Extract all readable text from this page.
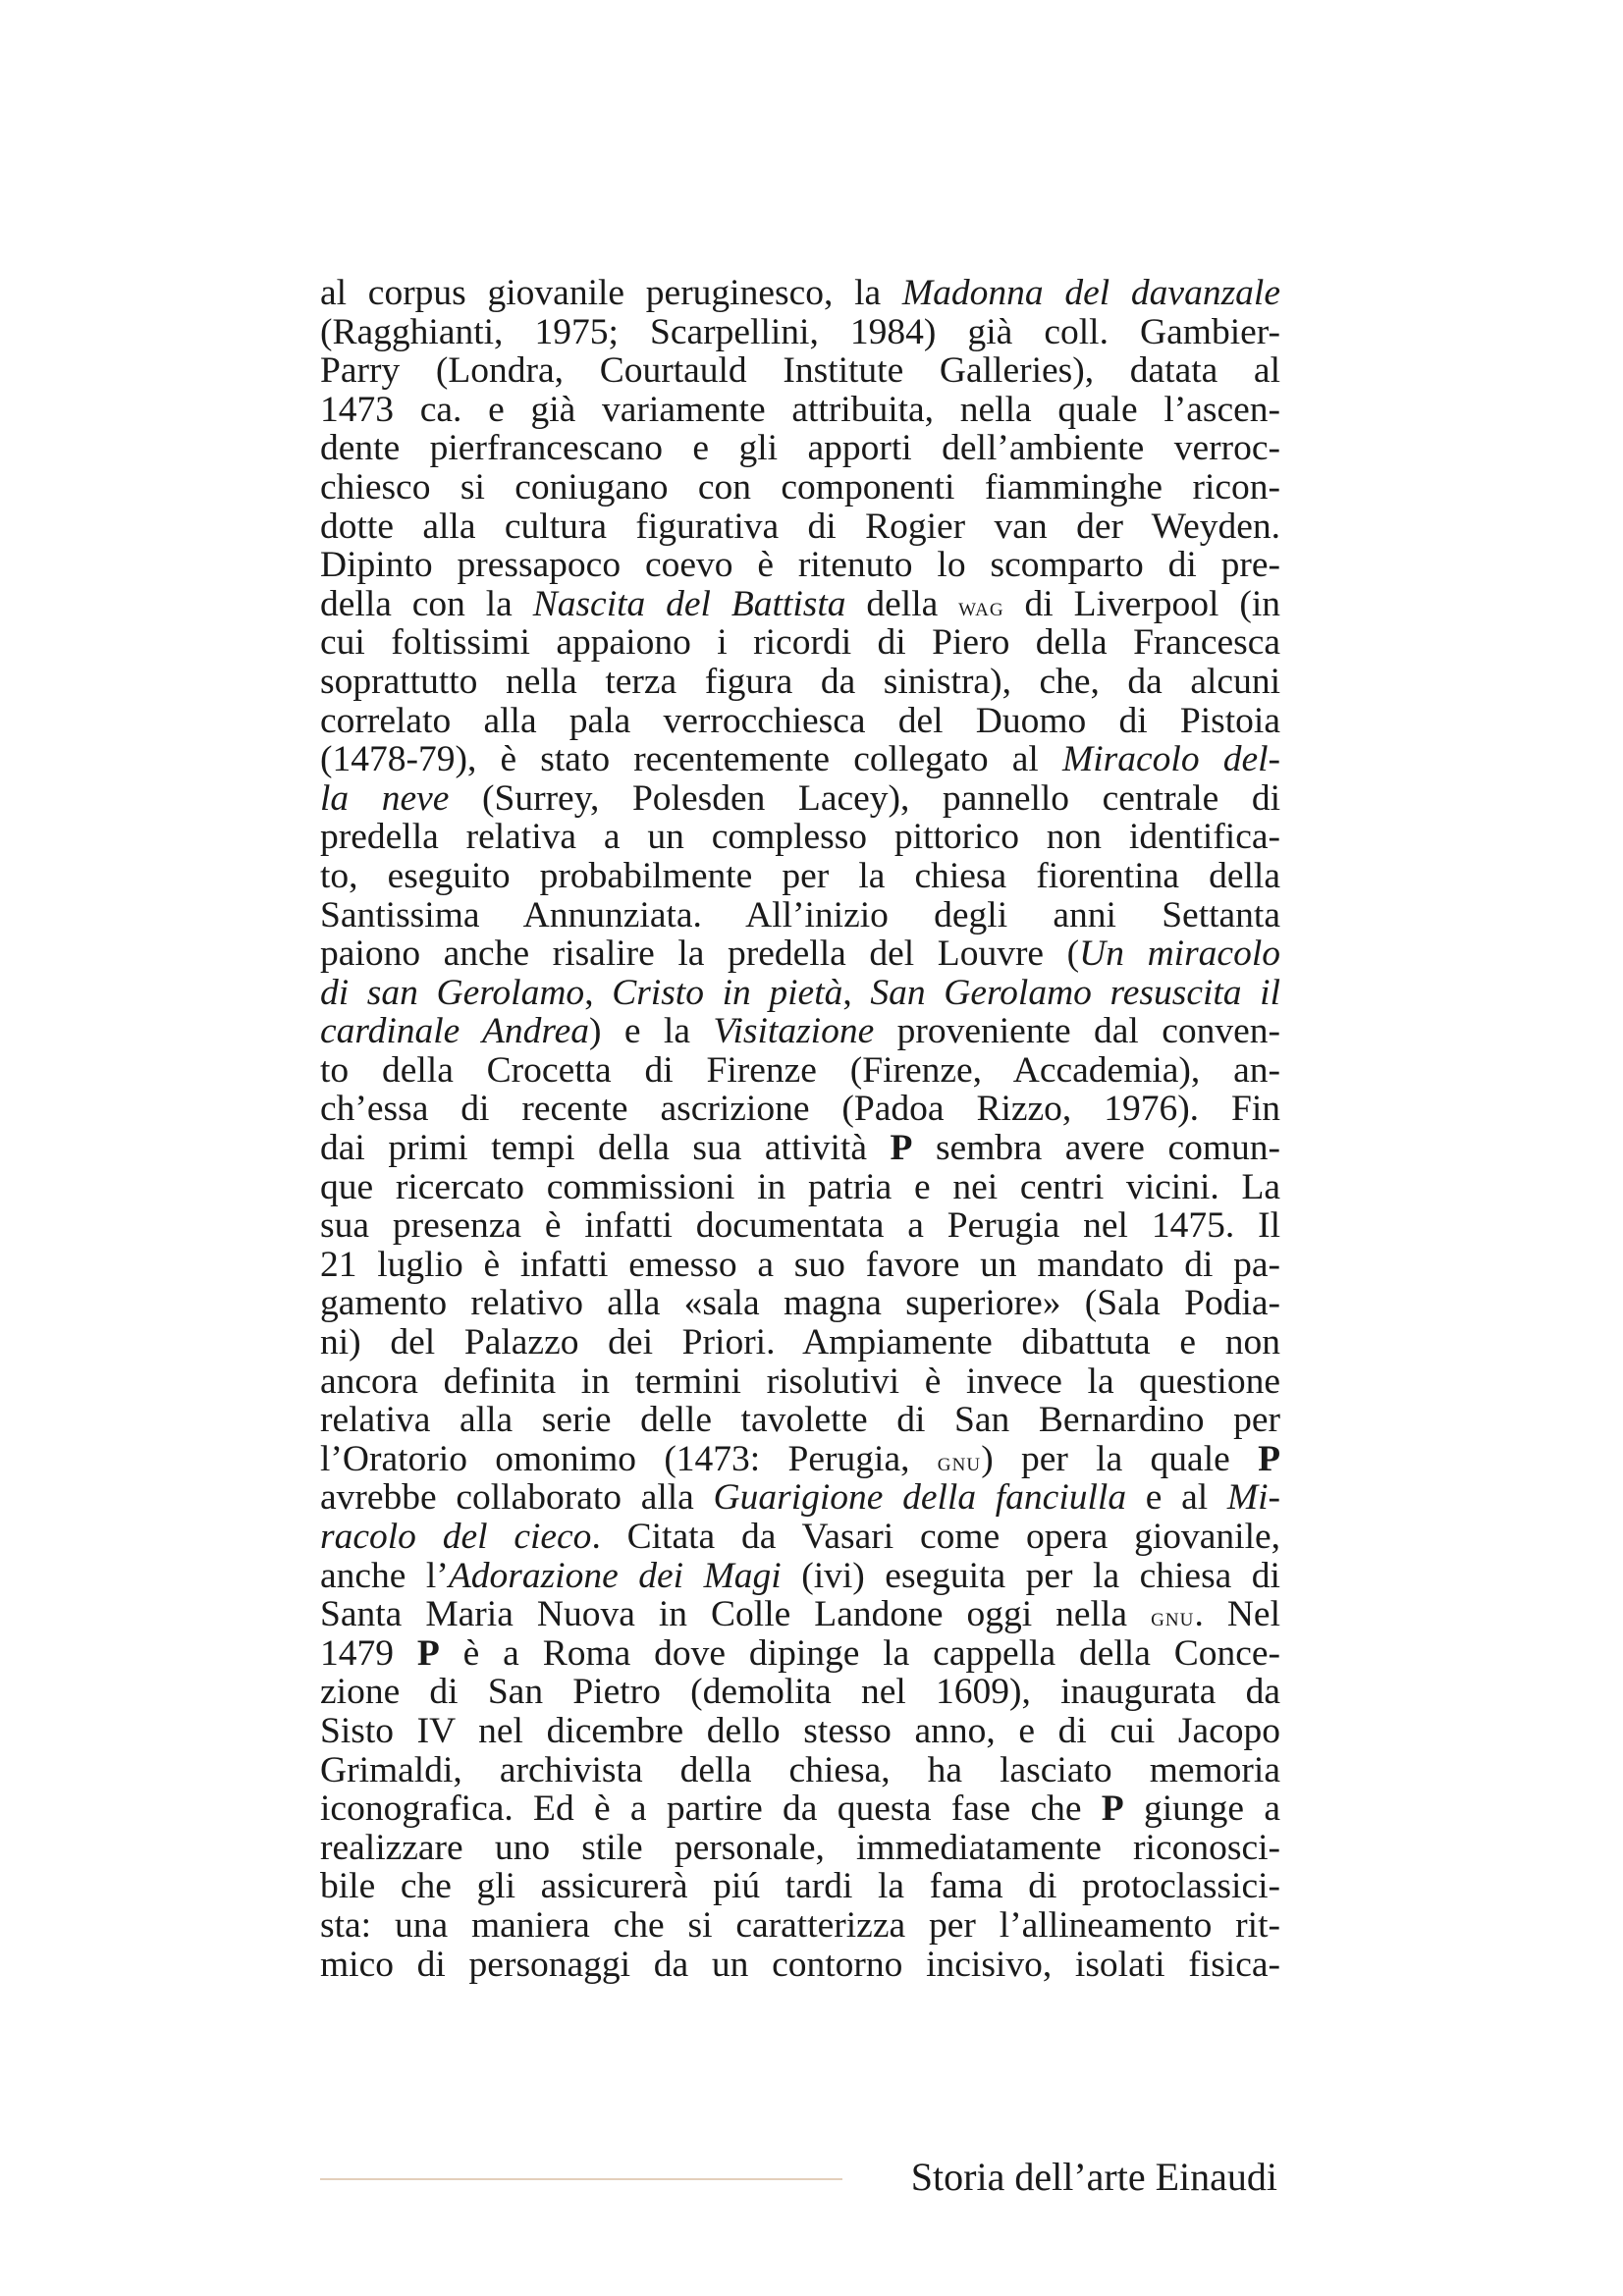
al corpus giovanile peruginesco, la Madonna del davanzale
(Ragghianti, 1975; Scarpellini, 1984) già coll. Gambier-
Parry (Londra, Courtauld Institute Galleries), datata al
1473 ca. e già variamente attribuita, nella quale l’ascen-
dente pierfrancescano e gli apporti dell’ambiente verroc-
chiesco si coniugano con componenti fiamminghe ricon-
dotte alla cultura figurativa di Rogier van der Weyden.
Dipinto pressapoco coevo è ritenuto lo scomparto di pre-
della con la Nascita del Battista della wag di Liverpool (in
cui foltissimi appaiono i ricordi di Piero della Francesca
soprattutto nella terza figura da sinistra), che, da alcuni
correlato alla pala verrocchiesca del Duomo di Pistoia
(1478-79), è stato recentemente collegato al Miracolo del-
la neve (Surrey, Polesden Lacey), pannello centrale di
predella relativa a un complesso pittorico non identifica-
to, eseguito probabilmente per la chiesa fiorentina della
Santissima Annunziata. All’inizio degli anni Settanta
paiono anche risalire la predella del Louvre (Un miracolo
di san Gerolamo, Cristo in pietà, San Gerolamo resuscita il
cardinale Andrea) e la Visitazione proveniente dal conven-
to della Crocetta di Firenze (Firenze, Accademia), an-
ch’essa di recente ascrizione (Padoa Rizzo, 1976). Fin
dai primi tempi della sua attività P sembra avere comun-
que ricercato commissioni in patria e nei centri vicini. La
sua presenza è infatti documentata a Perugia nel 1475. Il
21 luglio è infatti emesso a suo favore un mandato di pa-
gamento relativo alla «sala magna superiore» (Sala Podia-
ni) del Palazzo dei Priori. Ampiamente dibattuta e non
ancora definita in termini risolutivi è invece la questione
relativa alla serie delle tavolette di San Bernardino per
l’Oratorio omonimo (1473: Perugia, gnu) per la quale P
avrebbe collaborato alla Guarigione della fanciulla e al Mi-
racolo del cieco. Citata da Vasari come opera giovanile,
anche l’Adorazione dei Magi (ivi) eseguita per la chiesa di
Santa Maria Nuova in Colle Landone oggi nella gnu. Nel
1479 P è a Roma dove dipinge la cappella della Conce-
zione di San Pietro (demolita nel 1609), inaugurata da
Sisto IV nel dicembre dello stesso anno, e di cui Jacopo
Grimaldi, archivista della chiesa, ha lasciato memoria
iconografica. Ed è a partire da questa fase che P giunge a
realizzare uno stile personale, immediatamente riconosci-
bile che gli assicurerà piú tardi la fama di protoclassici-
sta: una maniera che si caratterizza per l’allineamento rit-
mico di personaggi da un contorno incisivo, isolati fisica-
Storia dell’arte Einaudi
